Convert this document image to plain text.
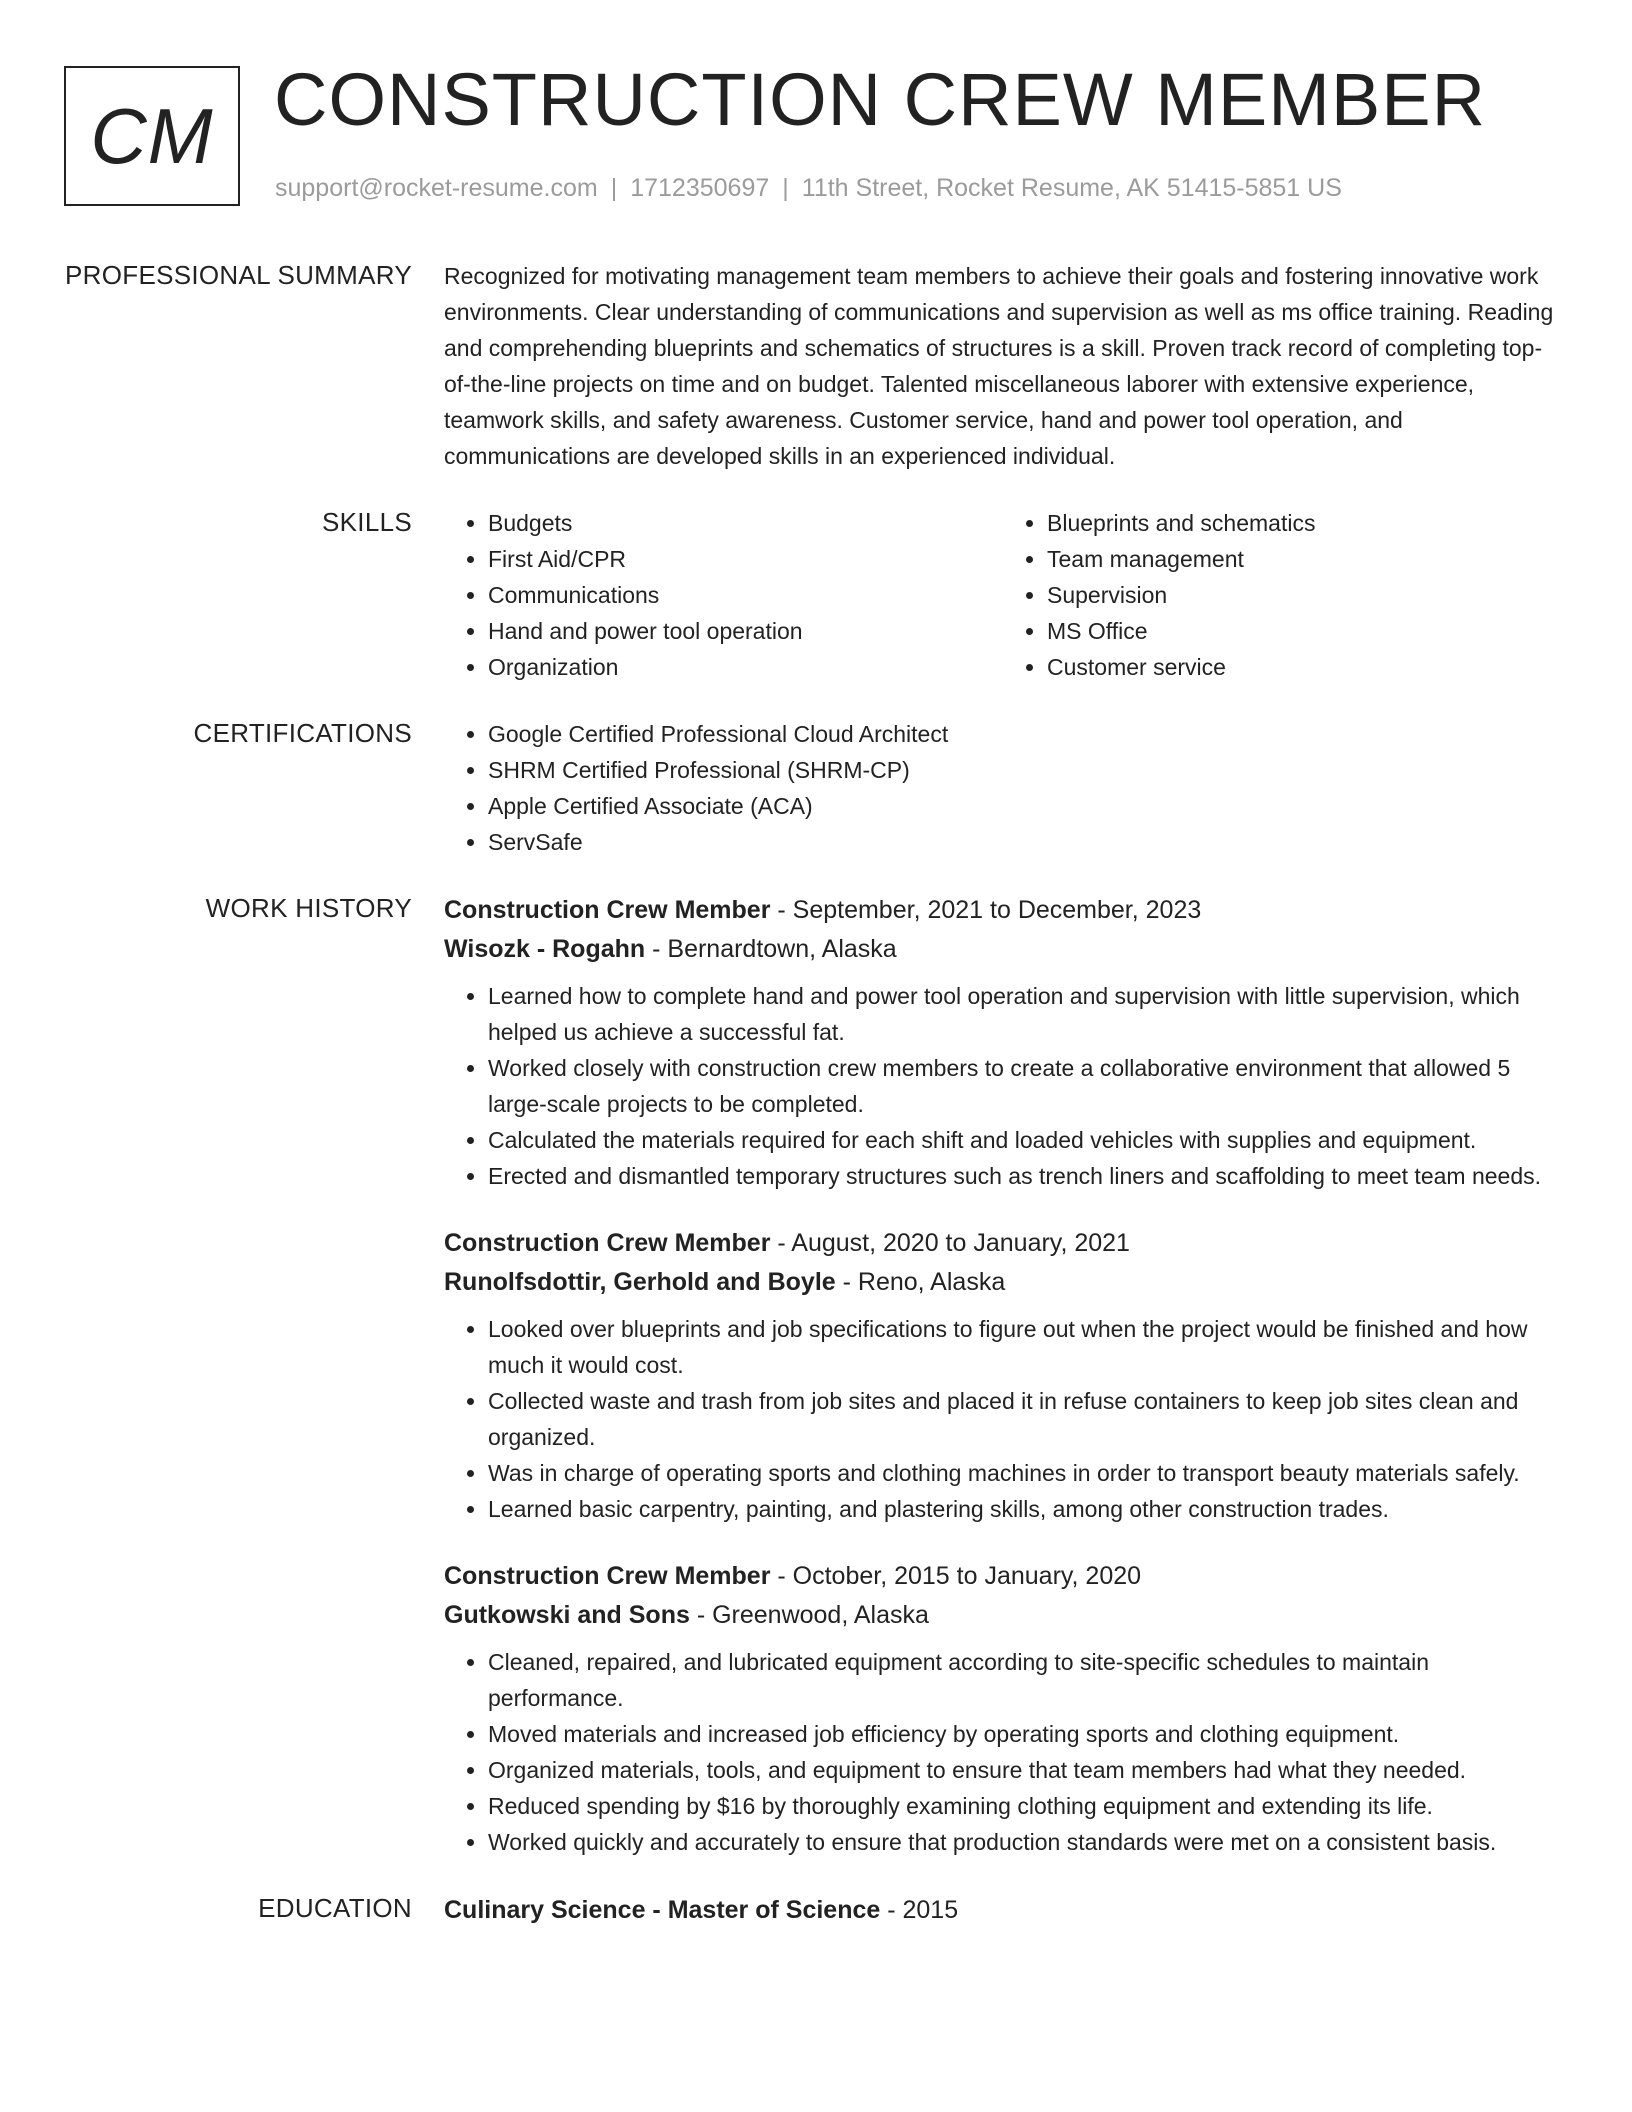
CM CONSTRUCTION CREW MEMBER
support@rocket-resume.com | 1712350697 | 11th Street, Rocket Resume, AK 51415-5851 US
PROFESSIONAL SUMMARY Recognized for motivating management team members to achieve their goals and fostering innovative work environments. Clear understanding of communications and supervision as well as ms office training. Reading and comprehending blueprints and schematics of structures is a skill. Proven track record of completing top-of-the-line projects on time and on budget. Talented miscellaneous laborer with extensive experience, teamwork skills, and safety awareness. Customer service, hand and power tool operation, and communications are developed skills in an experienced individual.

SKILLS	• Budgets
• First Aid/CPR
• Communications
• Hand and power tool operation
• Organization
• Blueprints and schematics
• Team management
• Supervision
• MS Office
• Customer service
CERTIFICATIONS	• Google Certified Professional Cloud Architect
• SHRM Certified Professional (SHRM-CP)
• Apple Certified Associate (ACA)
• ServSafe
WORK HISTORY Construction Crew Member - September, 2021 to December, 2023
Wisozk - Rogahn - Bernardtown, Alaska
• Learned how to complete hand and power tool operation and supervision with little supervision, which helped us achieve a successful fat.
• Worked closely with construction crew members to create a collaborative environment that allowed 5 large-scale projects to be completed.
• Calculated the materials required for each shift and loaded vehicles with supplies and equipment.
• Erected and dismantled temporary structures such as trench liners and scaffolding to meet team needs.
Construction Crew Member - August, 2020 to January, 2021
Runolfsdottir, Gerhold and Boyle - Reno, Alaska
• Looked over blueprints and job specifications to figure out when the project would be finished and how much it would cost.
• Collected waste and trash from job sites and placed it in refuse containers to keep job sites clean and organized.
• Was in charge of operating sports and clothing machines in order to transport beauty materials safely.
• Learned basic carpentry, painting, and plastering skills, among other construction trades.
Construction Crew Member - October, 2015 to January, 2020
Gutkowski and Sons - Greenwood, Alaska
• Cleaned, repaired, and lubricated equipment according to site-specific schedules to maintain performance.
• Moved materials and increased job efficiency by operating sports and clothing equipment.
• Organized materials, tools, and equipment to ensure that team members had what they needed.
• Reduced spending by $16 by thoroughly examining clothing equipment and extending its life.
• Worked quickly and accurately to ensure that production standards were met on a consistent basis.
EDUCATION Culinary Science - Master of Science - 2015
